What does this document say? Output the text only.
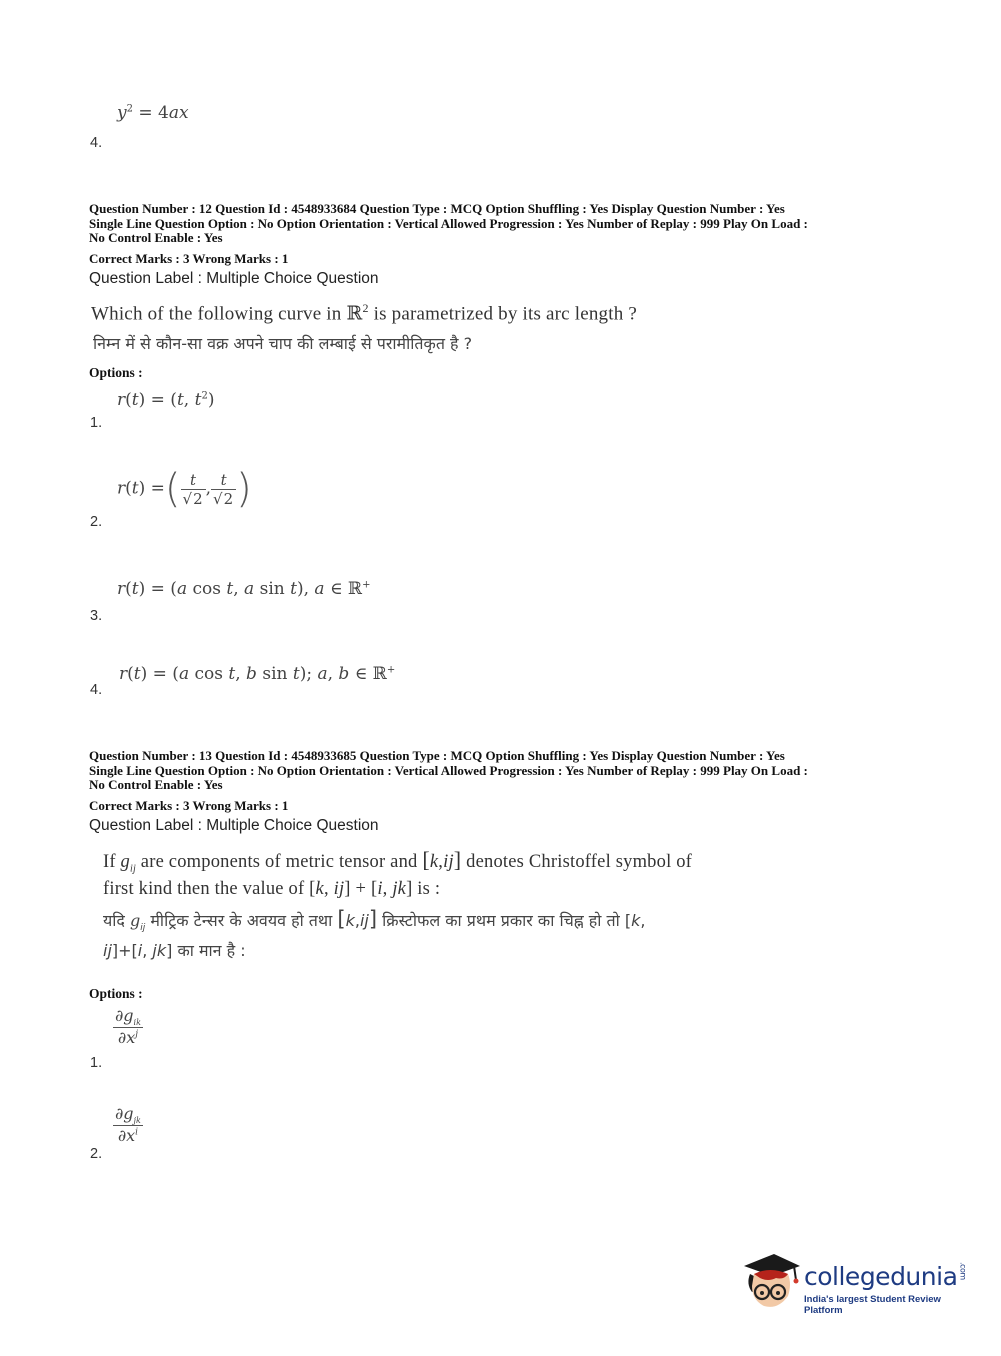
$y^2 = 4ax$
4.
Question Number : 12 Question Id : 4548933684 Question Type : MCQ Option Shuffling : Yes Display Question Number : Yes
Single Line Question Option : No Option Orientation : Vertical Allowed Progression : Yes Number of Replay : 999 Play On Load :
No Control Enable : Yes
Correct Marks : 3 Wrong Marks : 1
Question Label : Multiple Choice Question
Which of the following curve in ℝ$^2$ is parametrized by its arc length ?
निम्न में से कौन-सा वक्र अपने चाप की लम्बाई से परामीतिकृत है ?
Options :
r(t) = (t, $t^2$)
1.
r(t) =( $\frac{t}{√2}$ , $\frac{t}{√2}$ )
2.
r(t) = (a cos t, a sin t), a ∈ ℝ+
3.
r(t) = (a cos t, b sin t); a, b ∈ ℝ+
4.
Question Number : 13 Question Id : 4548933685 Question Type : MCQ Option Shuffling : Yes Display Question Number : Yes
Single Line Question Option : No Option Orientation : Vertical Allowed Progression : Yes Number of Replay : 999 Play On Load :
No Control Enable : Yes
Correct Marks : 3 Wrong Marks : 1
Question Label : Multiple Choice Question
If $g_{ij}$ are components of metric tensor and [k,ij] denotes Christoffel symbol of
first kind then the value of [k, ij] + [i, jk] is :
यदि $g_{ij}$ मीट्रिक टेन्सर के अवयव हो तथा [k,ij] क्रिस्टोफल का प्रथम प्रकार का चिह्न हो तो [k,
ij]+[i, jk] का मान है :
Options :
$\frac{\partial g_{ik}}{\partial x^j}$
1.
$\frac{\partial g_{jk}}{\partial x^i}$
2.
collegedunia.com
India's largest Student Review Platform
